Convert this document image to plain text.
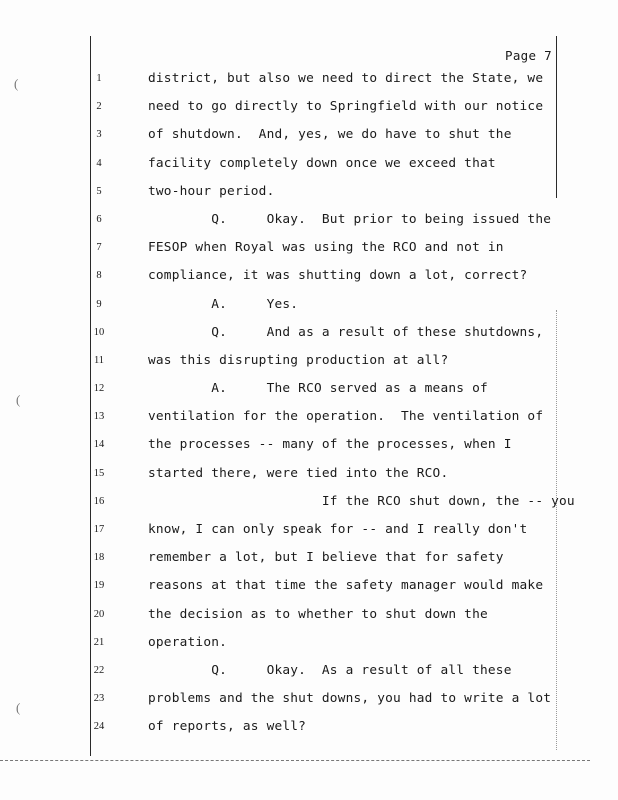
(
(
(
Page 7
1	district, but also we need to direct the State, we
2	need to go directly to Springfield with our notice
3	of shutdown.  And, yes, we do have to shut the
4	facility completely down once we exceed that
5	two-hour period.
6	Q.     Okay.  But prior to being issued the
7	FESOP when Royal was using the RCO and not in
8	compliance, it was shutting down a lot, correct?
9	A.     Yes.
10	Q.     And as a result of these shutdowns,
11	was this disrupting production at all?
12	A.     The RCO served as a means of
13	ventilation for the operation.  The ventilation of
14	the processes -- many of the processes, when I
15	started there, were tied into the RCO.
16	If the RCO shut down, the -- you
17	know, I can only speak for -- and I really don't
18	remember a lot, but I believe that for safety
19	reasons at that time the safety manager would make
20	the decision as to whether to shut down the
21	operation.
22	Q.     Okay.  As a result of all these
23	problems and the shut downs, you had to write a lot
24	of reports, as well?
